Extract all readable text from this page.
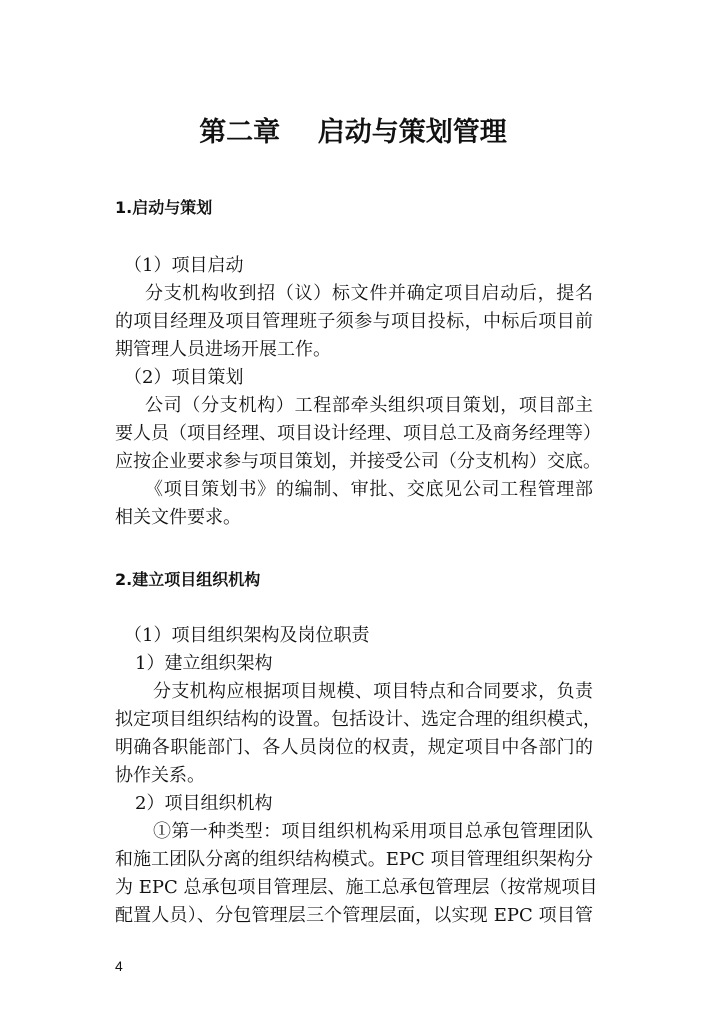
第二章    启动与策划管理
1.启动与策划
（1）项目启动
分支机构收到招（议）标文件并确定项目启动后，提名
的项目经理及项目管理班子须参与项目投标，中标后项目前
期管理人员进场开展工作。
（2）项目策划
公司（分支机构）工程部牵头组织项目策划，项目部主
要人员（项目经理、项目设计经理、项目总工及商务经理等）
应按企业要求参与项目策划，并接受公司（分支机构）交底。
《项目策划书》的编制、审批、交底见公司工程管理部
相关文件要求。
2.建立项目组织机构
（1）项目组织架构及岗位职责
1）建立组织架构
分支机构应根据项目规模、项目特点和合同要求，负责
拟定项目组织结构的设置。包括设计、选定合理的组织模式，
明确各职能部门、各人员岗位的权责，规定项目中各部门的
协作关系。
2）项目组织机构
①第一种类型：项目组织机构采用项目总承包管理团队
和施工团队分离的组织结构模式。EPC 项目管理组织架构分
为 EPC 总承包项目管理层、施工总承包管理层（按常规项目
配置人员）、分包管理层三个管理层面，以实现 EPC 项目管
4
